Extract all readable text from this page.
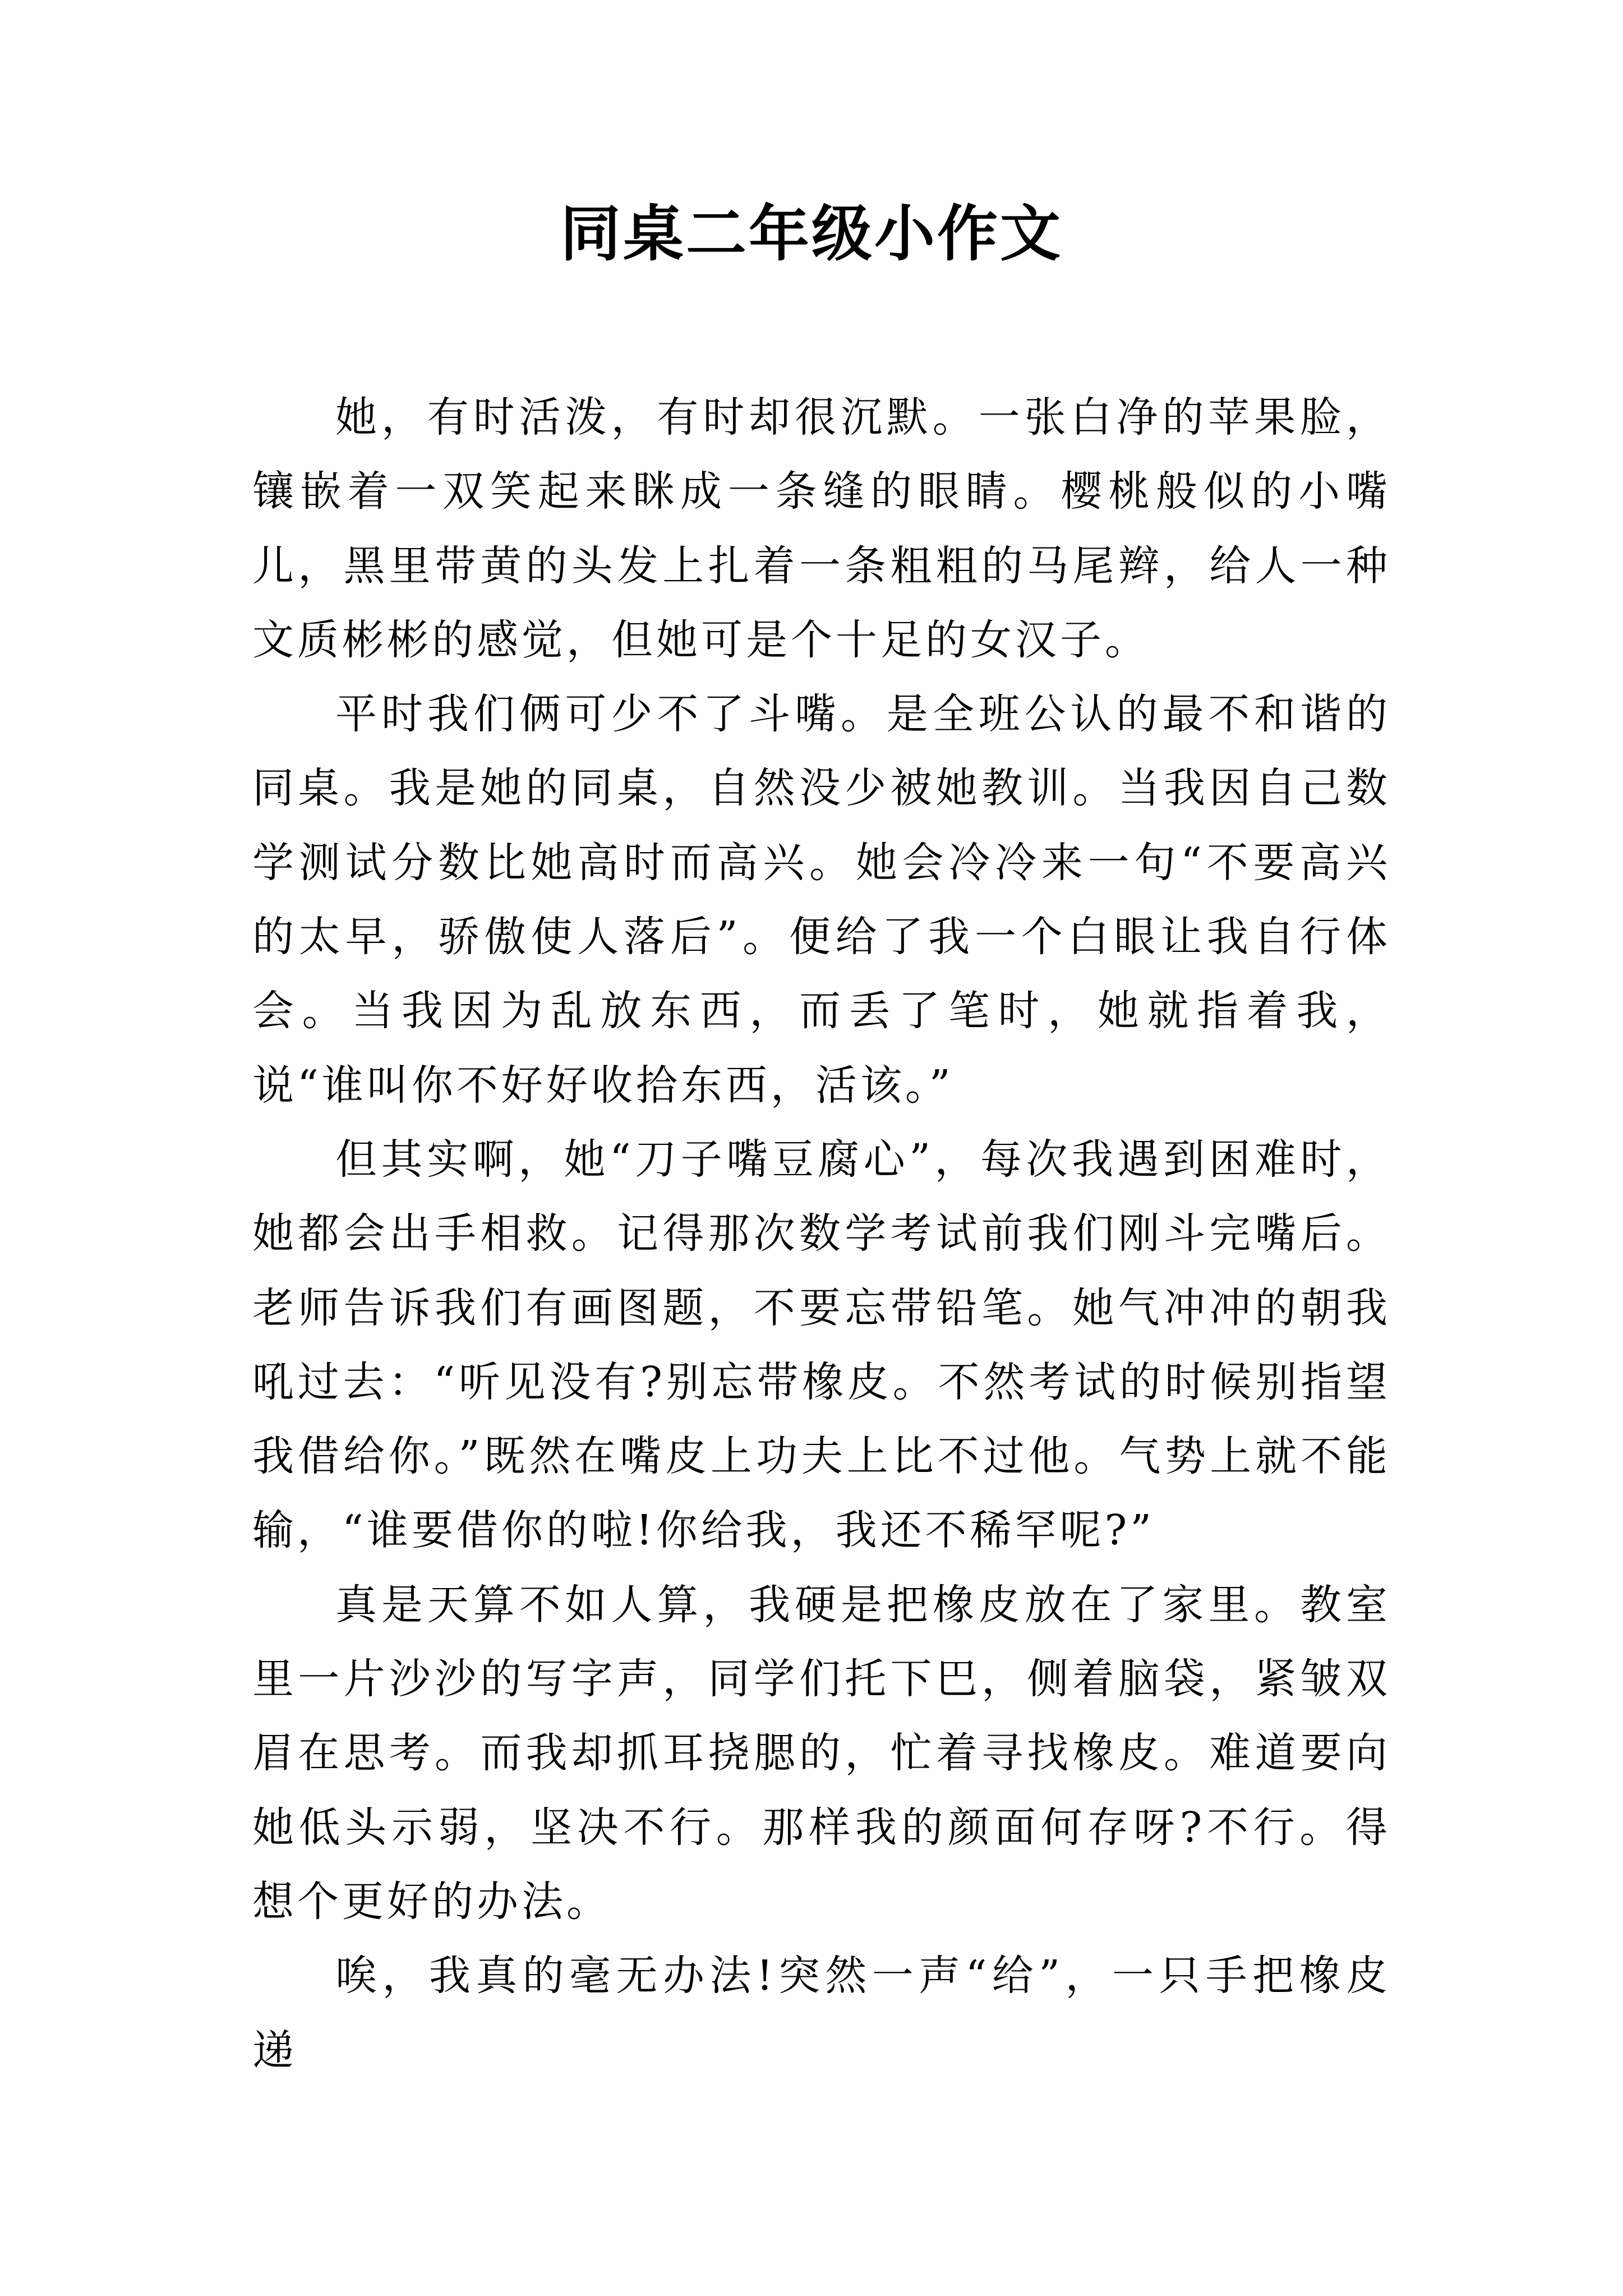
同桌二年级小作文

她，有时活泼，有时却很沉默。一张白净的苹果脸，镶嵌着一双笑起来眯成一条缝的眼睛。樱桃般似的小嘴儿，黑里带黄的头发上扎着一条粗粗的马尾辫，给人一种文质彬彬的感觉，但她可是个十足的女汉子。

平时我们俩可少不了斗嘴。是全班公认的最不和谐的同桌。我是她的同桌，自然没少被她教训。当我因自己数学测试分数比她高时而高兴。她会冷冷来一句“不要高兴的太早，骄傲使人落后”。便给了我一个白眼让我自行体会。当我因为乱放东西，而丢了笔时，她就指着我，说“谁叫你不好好收拾东西，活该。”

但其实啊，她“刀子嘴豆腐心”，每次我遇到困难时，她都会出手相救。记得那次数学考试前我们刚斗完嘴后。老师告诉我们有画图题，不要忘带铅笔。她气冲冲的朝我吼过去：“听见没有?别忘带橡皮。不然考试的时候别指望我借给你。”既然在嘴皮上功夫上比不过他。气势上就不能输，“谁要借你的啦!你给我，我还不稀罕呢?”

真是天算不如人算，我硬是把橡皮放在了家里。教室里一片沙沙的写字声，同学们托下巴，侧着脑袋，紧皱双眉在思考。而我却抓耳挠腮的，忙着寻找橡皮。难道要向她低头示弱，坚决不行。那样我的颜面何存呀?不行。得想个更好的办法。

唉，我真的毫无办法!突然一声“给”，一只手把橡皮递
